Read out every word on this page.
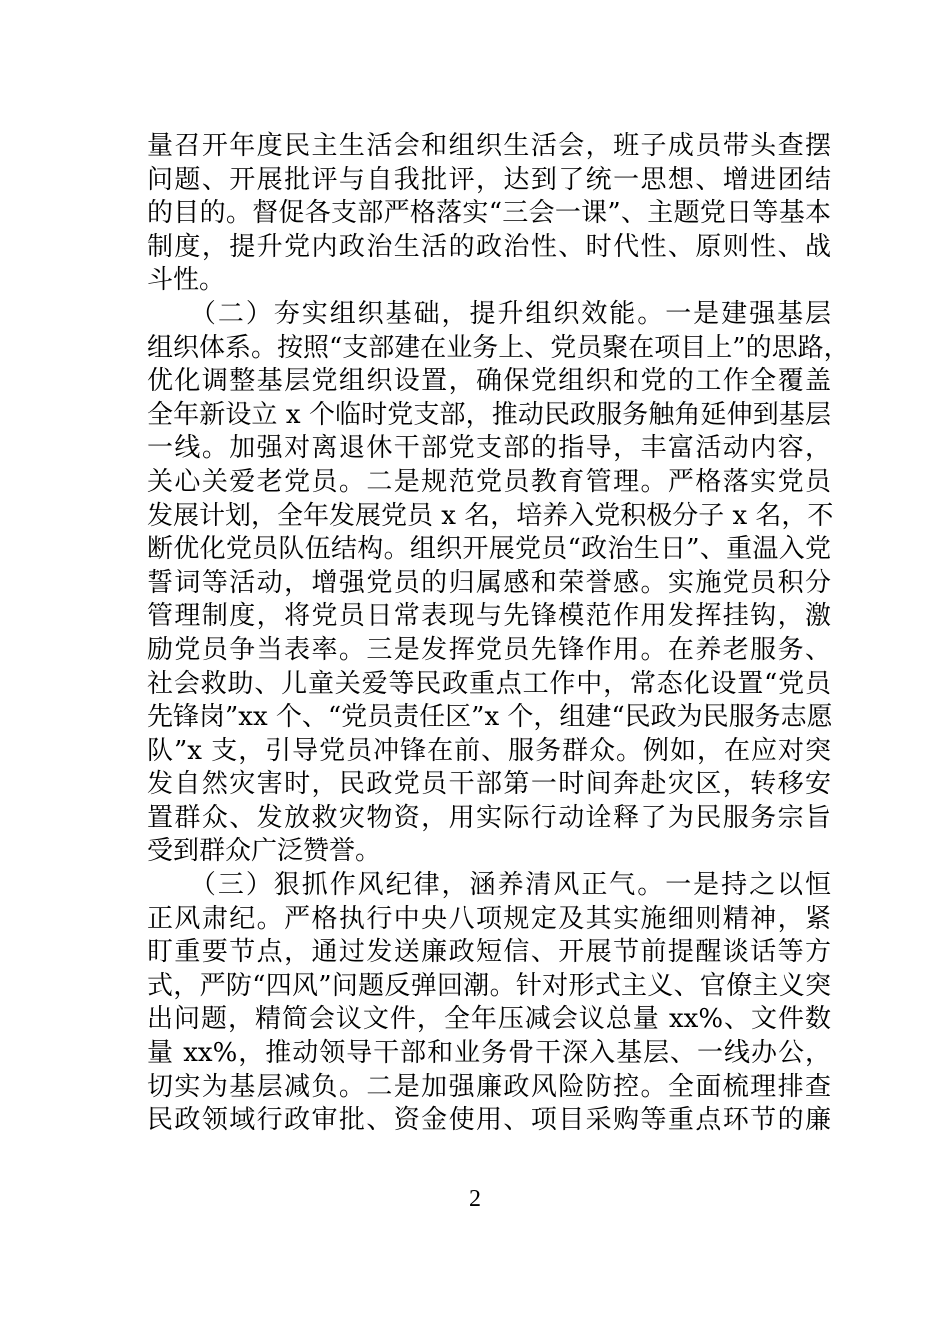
量召开年度民主生活会和组织生活会，班子成员带头查摆
问题、开展批评与自我批评，达到了统一思想、增进团结
的目的。督促各支部严格落实“三会一课”、主题党日等基本
制度，提升党内政治生活的政治性、时代性、原则性、战
斗性。
　　（二）夯实组织基础，提升组织效能。一是建强基层
组织体系。按照“支部建在业务上、党员聚在项目上”的思路，
优化调整基层党组织设置，确保党组织和党的工作全覆盖
全年新设立 x 个临时党支部，推动民政服务触角延伸到基层
一线。加强对离退休干部党支部的指导，丰富活动内容，
关心关爱老党员。二是规范党员教育管理。严格落实党员
发展计划，全年发展党员 x 名，培养入党积极分子 x 名，不
断优化党员队伍结构。组织开展党员“政治生日”、重温入党
誓词等活动，增强党员的归属感和荣誉感。实施党员积分
管理制度，将党员日常表现与先锋模范作用发挥挂钩，激
励党员争当表率。三是发挥党员先锋作用。在养老服务、
社会救助、儿童关爱等民政重点工作中，常态化设置“党员
先锋岗”xx 个、“党员责任区”x 个，组建“民政为民服务志愿
队”x 支，引导党员冲锋在前、服务群众。例如，在应对突
发自然灾害时，民政党员干部第一时间奔赴灾区，转移安
置群众、发放救灾物资，用实际行动诠释了为民服务宗旨
受到群众广泛赞誉。
　　（三）狠抓作风纪律，涵养清风正气。一是持之以恒
正风肃纪。严格执行中央八项规定及其实施细则精神，紧
盯重要节点，通过发送廉政短信、开展节前提醒谈话等方
式，严防“四风”问题反弹回潮。针对形式主义、官僚主义突
出问题，精简会议文件，全年压减会议总量 xx%、文件数
量 xx%，推动领导干部和业务骨干深入基层、一线办公，
切实为基层减负。二是加强廉政风险防控。全面梳理排查
民政领域行政审批、资金使用、项目采购等重点环节的廉
2
